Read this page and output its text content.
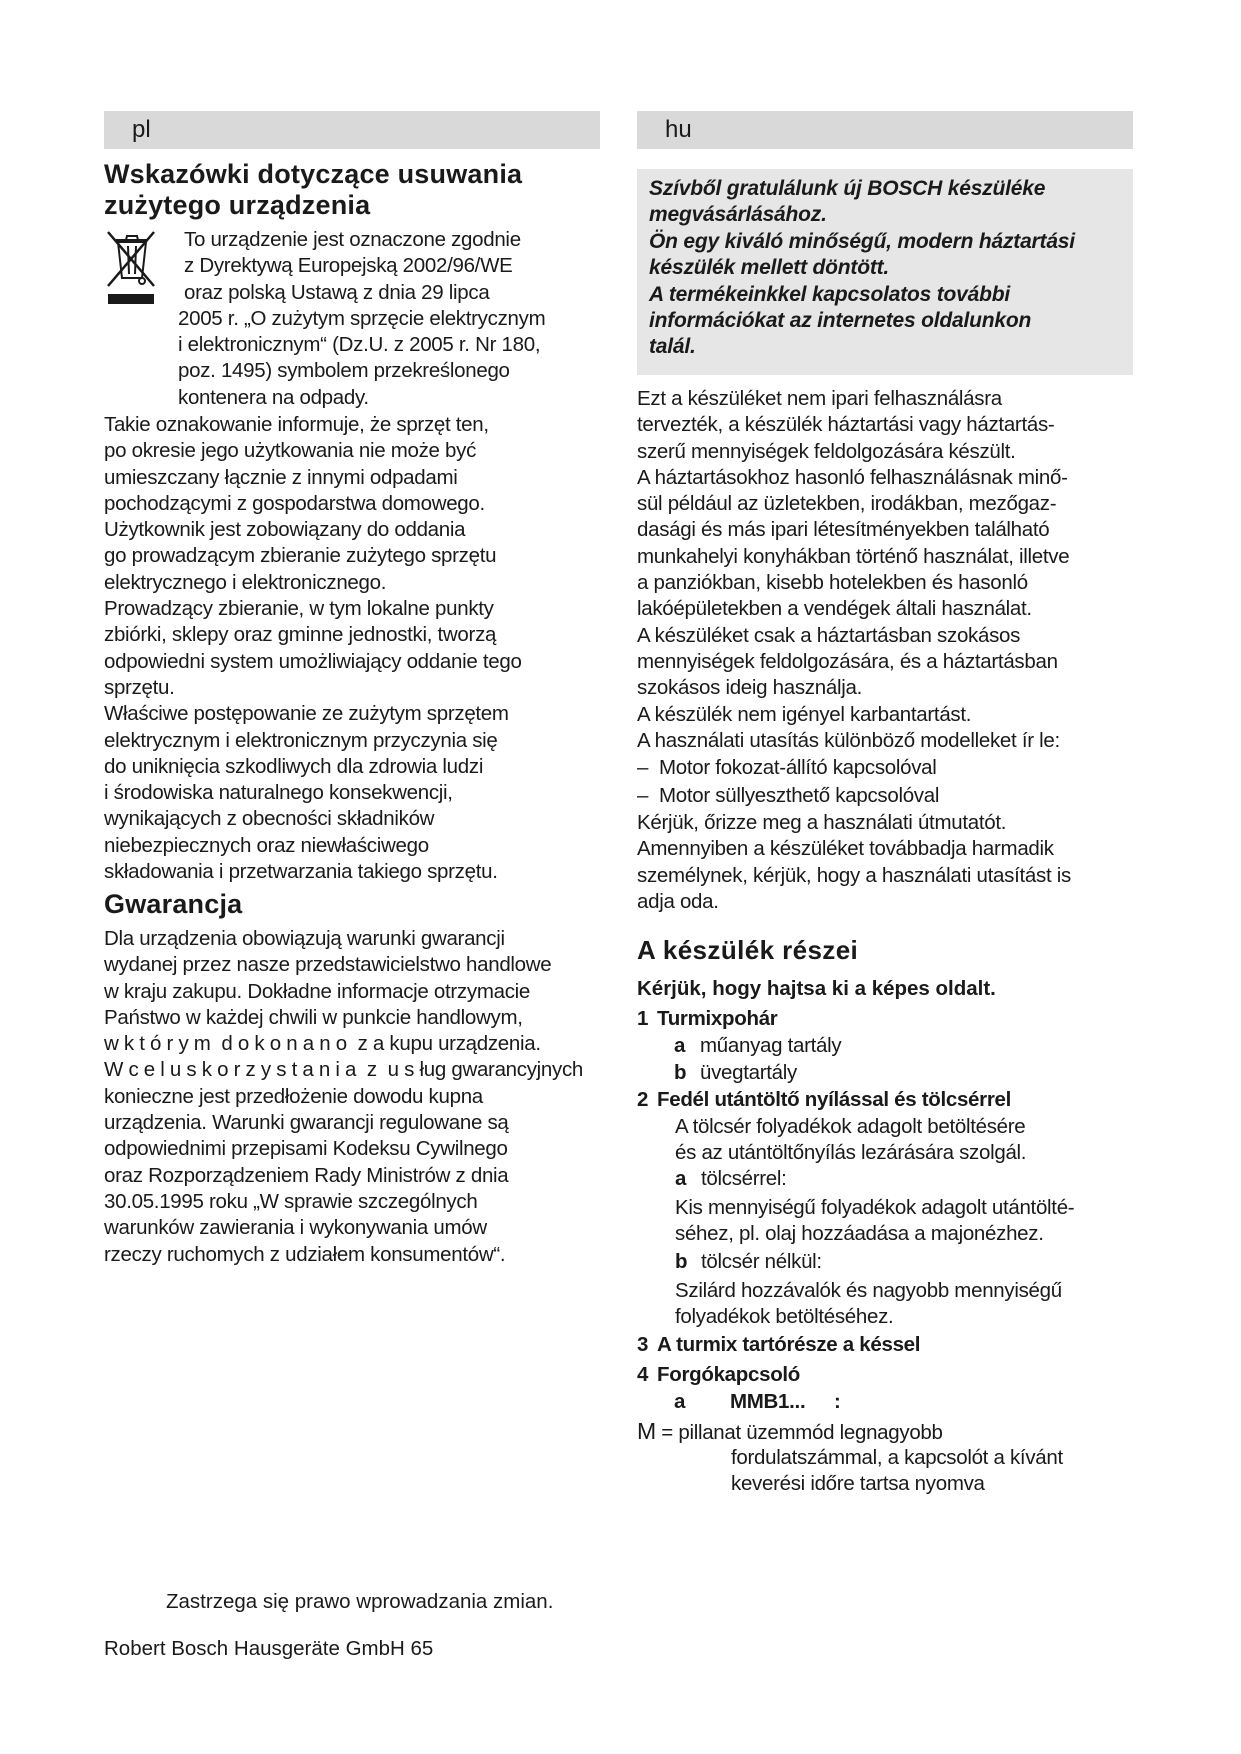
pl
Wskazówki dotyczące usuwania zużytego urządzenia

To urządzenie jest oznaczone zgodnie

z Dyrektywą Europejską 2002/96/WE

oraz polską Ustawą z dnia 29 lipca

2005 r. „O zużytym sprzęcie elektrycznym

i elektronicznym“ (Dz.U. z 2005 r. Nr 180,

poz. 1495) symbolem przekreślonego

kontenera na odpady.

Takie oznakowanie informuje, że sprzęt ten,

po okresie jego użytkowania nie może być

umieszczany łącznie z innymi odpadami

pochodzącymi z gospodarstwa domowego.

Użytkownik jest zobowiązany do oddania

go prowadzącym zbieranie zużytego sprzętu

elektrycznego i elektronicznego.

Prowadzący zbieranie, w tym lokalne punkty

zbiórki, sklepy oraz gminne jednostki, tworzą

odpowiedni system umożliwiający oddanie tego

sprzętu.

Właściwe postępowanie ze zużytym sprzętem

elektrycznym i elektronicznym przyczynia się

do uniknięcia szkodliwych dla zdrowia ludzi

i środowiska naturalnego konsekwencji,

wynikających z obecności składników

niebezpiecznych oraz niewłaściwego

składowania i przetwarzania takiego sprzętu.

Gwarancja

Dla urządzenia obowiązują warunki gwarancji

wydanej przez nasze przedstawicielstwo handlowe

w kraju zakupu. Dokładne informacje otrzymacie

Państwo w każdej chwili w punkcie handlowym,

w k t ó r y m  d o k o n a n o  z a kupu urządzenia.

W c e l u s k o r z y s t a n i a  z  u s ług gwarancyjnych

konieczne jest przedłożenie dowodu kupna

urządzenia. Warunki gwarancji regulowane są

odpowiednimi przepisami Kodeksu Cywilnego

oraz Rozporządzeniem Rady Ministrów z dnia

30.05.1995 roku „W sprawie szczególnych

warunków zawierania i wykonywania umów

rzeczy ruchomych z udziałem konsumentów“.

Zastrzega się prawo wprowadzania zmian.
Robert Bosch Hausgeräte GmbH 65
hu
Szívből gratulálunk új BOSCH készüléke
megvásárlásához.
Ön egy kiváló minőségű, modern háztartási
készülék mellett döntött.
A termékeinkkel kapcsolatos további
információkat az internetes oldalunkon
talál.

Ezt a készüléket nem ipari felhasználásra

tervezték, a készülék háztartási vagy háztartás-

szerű mennyiségek feldolgozására készült.

A háztartásokhoz hasonló felhasználásnak minő-

sül például az üzletekben, irodákban, mezőgaz-

dasági és más ipari létesítményekben található

munkahelyi konyhákban történő használat, illetve

a panziókban, kisebb hotelekben és hasonló

lakóépületekben a vendégek általi használat.

A készüléket csak a háztartásban szokásos

mennyiségek feldolgozására, és a háztartásban

szokásos ideig használja.

A készülék nem igényel karbantartást.

A használati utasítás különböző modelleket ír le:

– Motor fokozat-állító kapcsolóval
– Motor süllyeszthető kapcsolóval

Kérjük, őrizze meg a használati útmutatót.

Amennyiben a készüléket továbbadja harmadik

személynek, kérjük, hogy a használati utasítást is

adja oda.

A készülék részei
Kérjük, hogy hajtsa ki a képes oldalt.
1 Turmixpohár
a műanyag tartály
b üvegtartály
2 Fedél utántöltő nyílással és tölcsérrel
A tölcsér folyadékok adagolt betöltésére
és az utántöltőnyílás lezárására szolgál.
a tölcsérrel:
Kis mennyiségű folyadékok adagolt utántölté-
séhez, pl. olaj hozzáadása a majonézhez.
b tölcsér nélkül:
Szilárd hozzávalók és nagyobb mennyiségű
folyadékok betöltéséhez.
3 A turmix tartórésze a késsel
4 Forgókapcsoló
a MMB1... :
M = pillanat üzemmód legnagyobb
fordulatszámmal, a kapcsolót a kívánt
keverési időre tartsa nyomva
